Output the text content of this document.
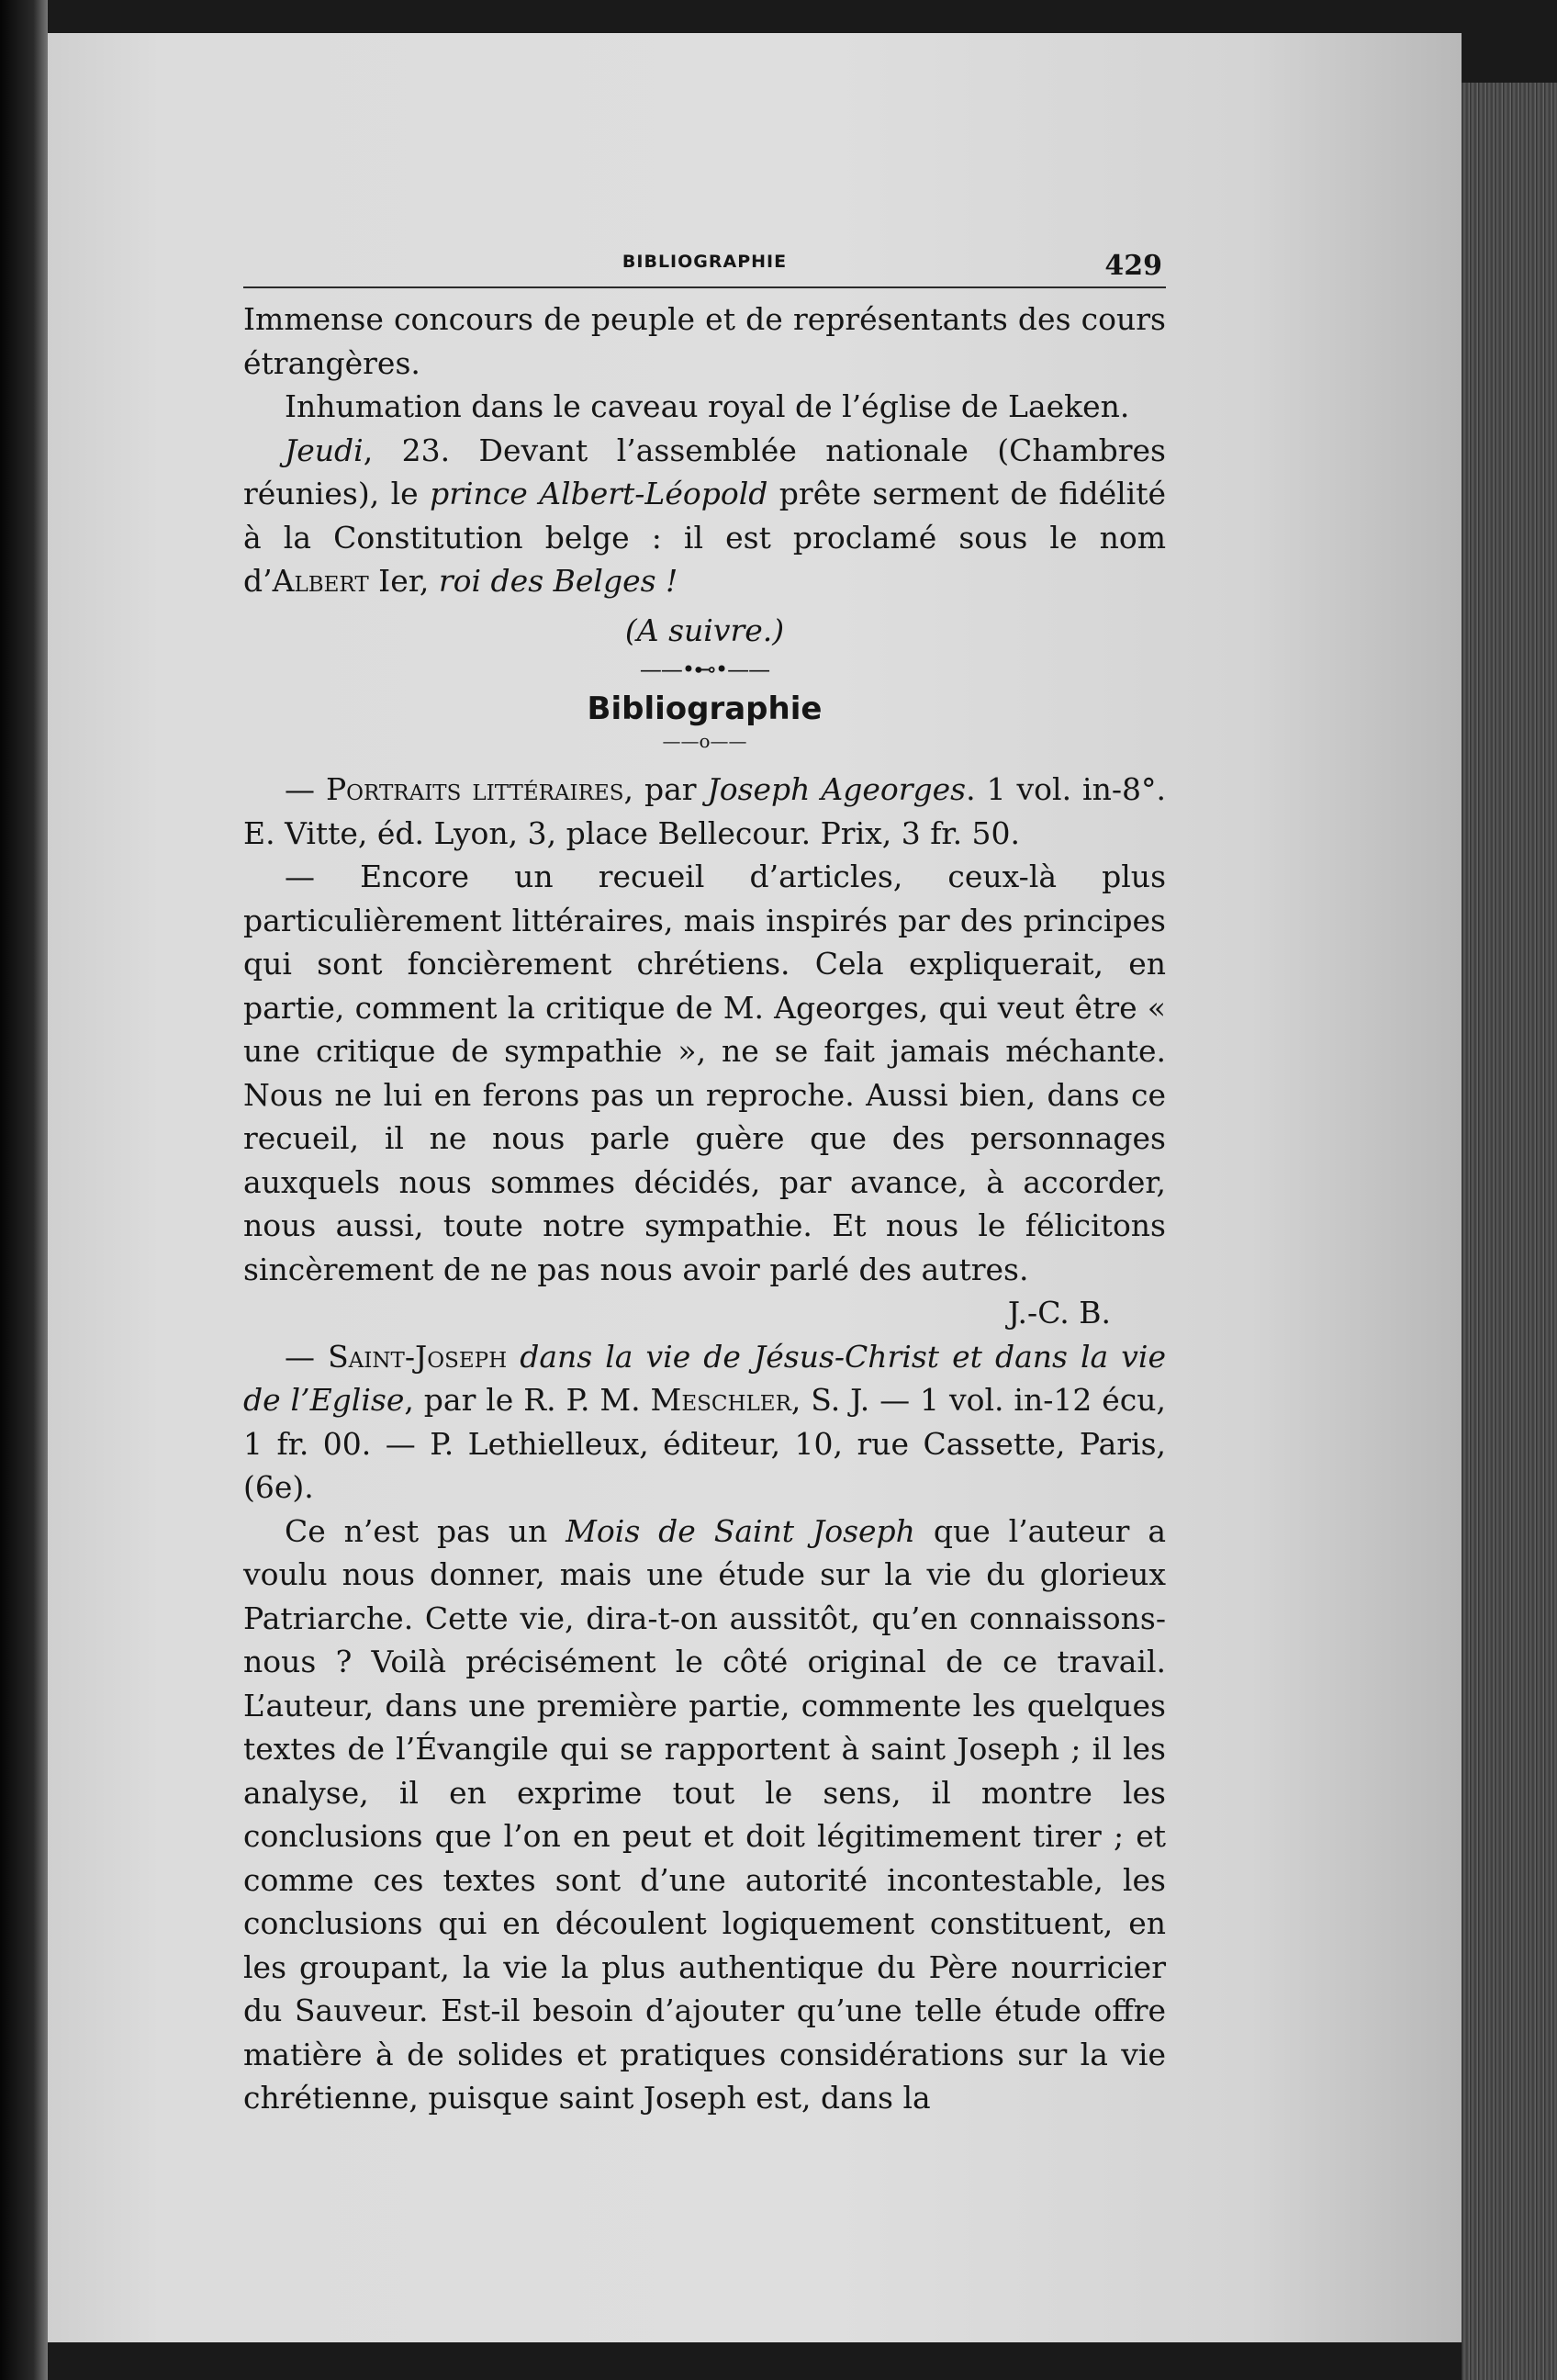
BIBLIOGRAPHIE	429

Immense concours de peuple et de représentants des cours étrangères.

Inhumation dans le caveau royal de l’église de Laeken.

Jeudi, 23. Devant l’assemblée nationale (Chambres réunies), le prince Albert-Léopold prête serment de fidélité à la Constitution belge : il est proclamé sous le nom d’Albert Ier, roi des Belges !

(A suivre.)

——•⊷•——
Bibliographie
——o——

— Portraits littéraires, par Joseph Ageorges. 1 vol. in-8°. E. Vitte, éd. Lyon, 3, place Bellecour. Prix, 3 fr. 50.

— Encore un recueil d’articles, ceux-là plus particulièrement littéraires, mais inspirés par des principes qui sont foncièrement chrétiens. Cela expliquerait, en partie, comment la critique de M. Ageorges, qui veut être « une critique de sympathie », ne se fait jamais méchante. Nous ne lui en ferons pas un reproche. Aussi bien, dans ce recueil, il ne nous parle guère que des personnages auxquels nous sommes décidés, par avance, à accorder, nous aussi, toute notre sympathie. Et nous le félicitons sincèrement de ne pas nous avoir parlé des autres.

J.-C. B.

— Saint-Joseph dans la vie de Jésus-Christ et dans la vie de l’Eglise, par le R. P. M. Meschler, S. J. — 1 vol. in-12 écu, 1 fr. 00. — P. Lethielleux, éditeur, 10, rue Cassette, Paris, (6e).

Ce n’est pas un Mois de Saint Joseph que l’auteur a voulu nous donner, mais une étude sur la vie du glorieux Patriarche. Cette vie, dira-t-on aussitôt, qu’en connaissons-nous ? Voilà précisément le côté original de ce travail. L’auteur, dans une première partie, commente les quelques textes de l’Évangile qui se rapportent à saint Joseph ; il les analyse, il en exprime tout le sens, il montre les conclusions que l’on en peut et doit légitimement tirer ; et comme ces textes sont d’une autorité incontestable, les conclusions qui en découlent logiquement constituent, en les groupant, la vie la plus authentique du Père nourricier du Sauveur. Est-il besoin d’ajouter qu’une telle étude offre matière à de solides et pratiques considérations sur la vie chrétienne, puisque saint Joseph est, dans la
